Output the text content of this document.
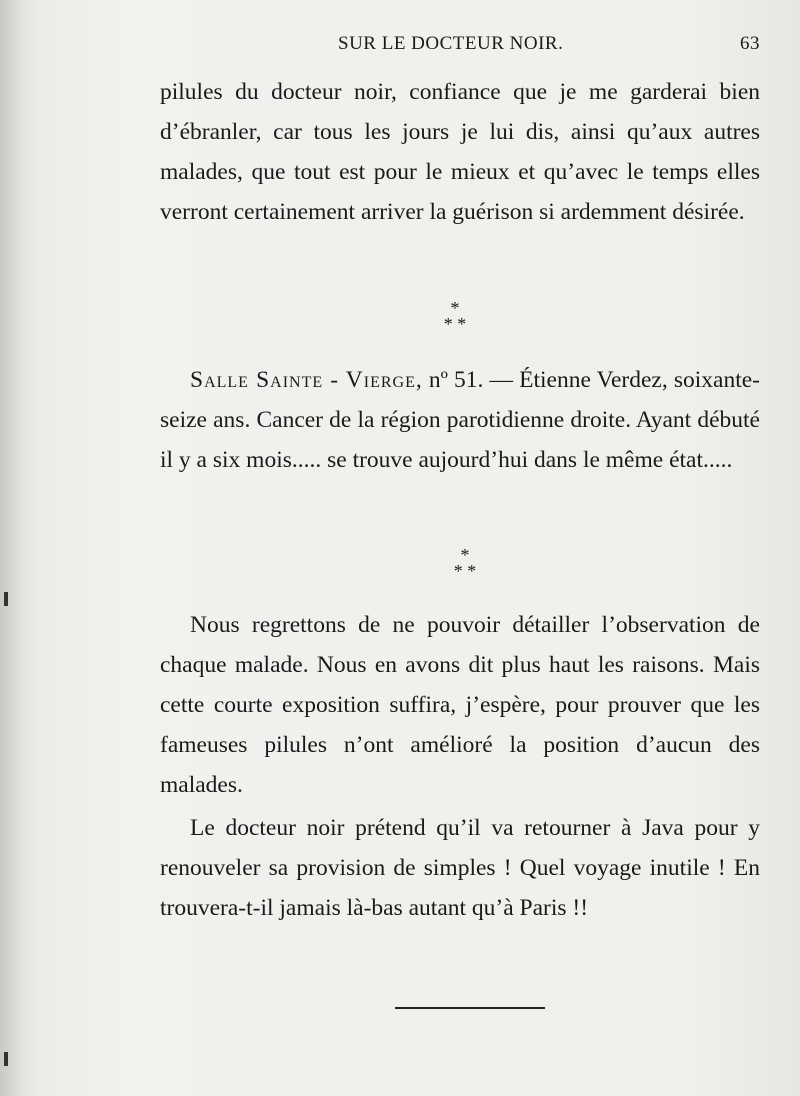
SUR LE DOCTEUR NOIR.	63

pilules du docteur noir, confiance que je me garderai bien d’ébranler, car tous les jours je lui dis, ainsi qu’aux autres malades, que tout est pour le mieux et qu’avec le temps elles verront certainement arriver la guérison si ardemment désirée.

*
* *

Salle Sainte - Vierge, nº 51. — Étienne Verdez, soixante-seize ans. Cancer de la région parotidienne droite. Ayant débuté il y a six mois..... se trouve aujourd’hui dans le même état.....

*
* *

Nous regrettons de ne pouvoir détailler l’observation de chaque malade. Nous en avons dit plus haut les raisons. Mais cette courte exposition suffira, j’espère, pour prouver que les fameuses pilules n’ont amélioré la position d’aucun des malades.

Le docteur noir prétend qu’il va retourner à Java pour y renouveler sa provision de simples ! Quel voyage inutile ! En trouvera-t-il jamais là-bas autant qu’à Paris !!
